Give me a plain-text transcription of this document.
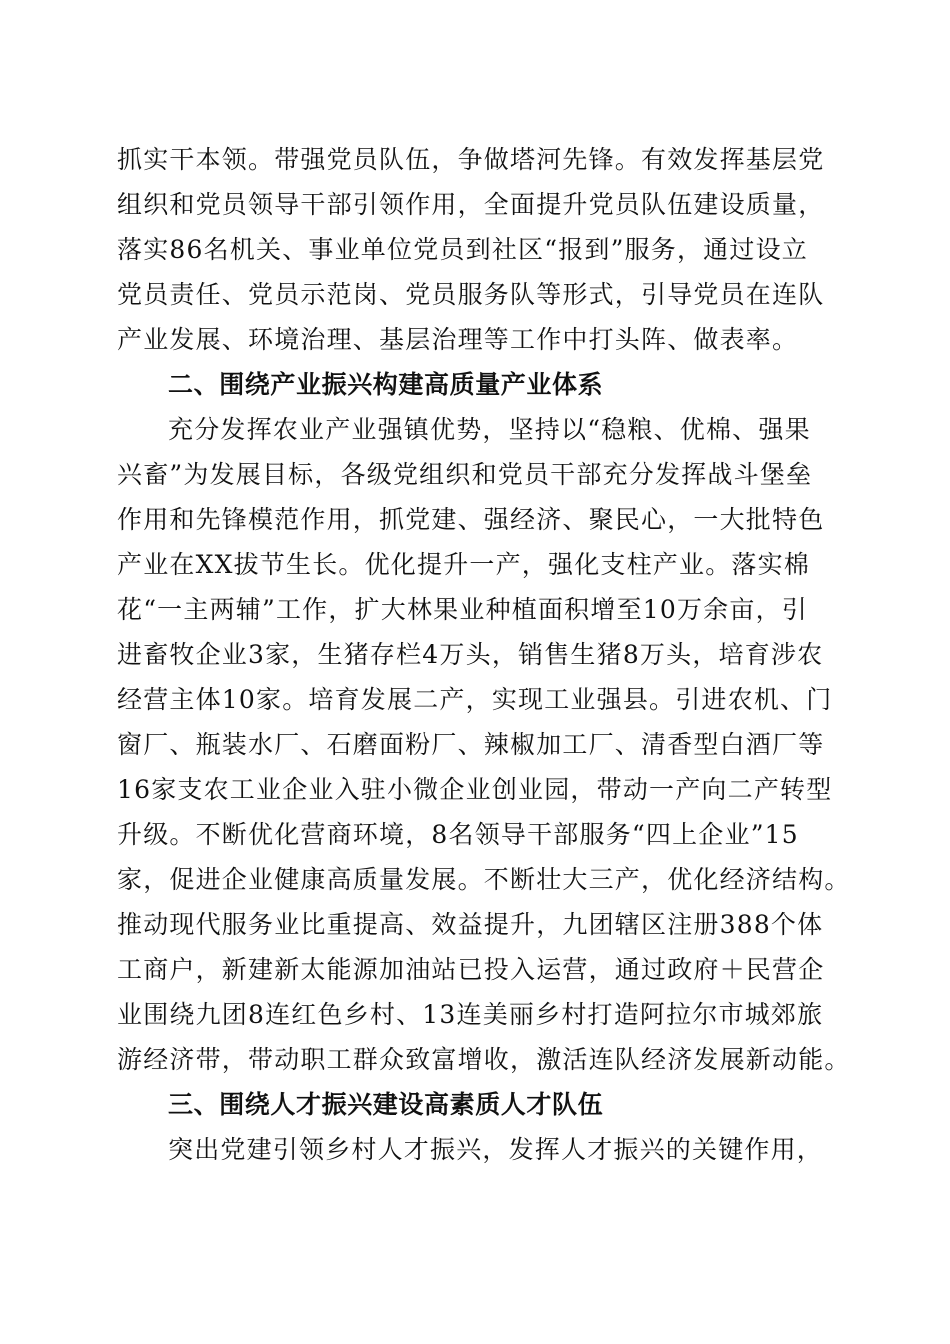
抓实干本领。带强党员队伍，争做塔河先锋。有效发挥基层党
组织和党员领导干部引领作用，全面提升党员队伍建设质量，
落实86名机关、事业单位党员到社区“报到”服务，通过设立
党员责任、党员示范岗、党员服务队等形式，引导党员在连队
产业发展、环境治理、基层治理等工作中打头阵、做表率。
二、围绕产业振兴构建高质量产业体系
充分发挥农业产业强镇优势，坚持以“稳粮、优棉、强果
兴畜”为发展目标，各级党组织和党员干部充分发挥战斗堡垒
作用和先锋模范作用，抓党建、强经济、聚民心，一大批特色
产业在XX拔节生长。优化提升一产，强化支柱产业。落实棉
花“一主两辅”工作，扩大林果业种植面积增至10万余亩，引
进畜牧企业3家，生猪存栏4万头，销售生猪8万头，培育涉农
经营主体10家。培育发展二产，实现工业强县。引进农机、门
窗厂、瓶装水厂、石磨面粉厂、辣椒加工厂、清香型白酒厂等
16家支农工业企业入驻小微企业创业园，带动一产向二产转型
升级。不断优化营商环境，8名领导干部服务“四上企业”15
家，促进企业健康高质量发展。不断壮大三产，优化经济结构。
推动现代服务业比重提高、效益提升，九团辖区注册388个体
工商户，新建新太能源加油站已投入运营，通过政府＋民营企
业围绕九团8连红色乡村、13连美丽乡村打造阿拉尔市城郊旅
游经济带，带动职工群众致富增收，激活连队经济发展新动能。
三、围绕人才振兴建设高素质人才队伍
突出党建引领乡村人才振兴，发挥人才振兴的关键作用，
